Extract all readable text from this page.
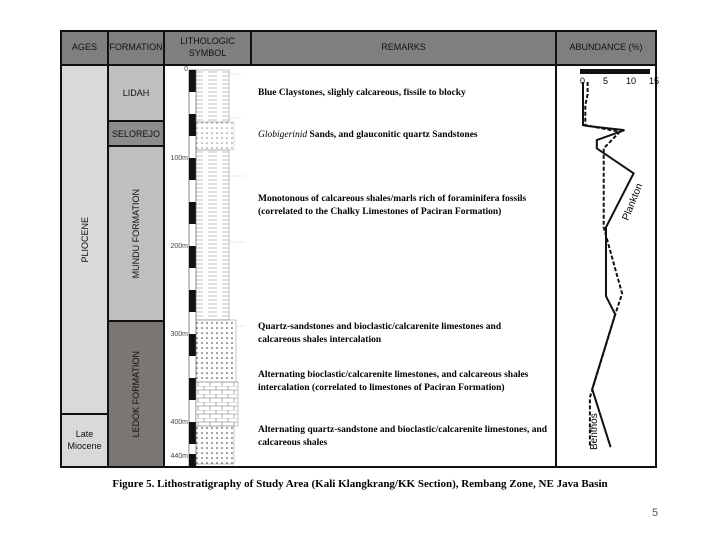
AGES	FORMATION
LITHOLOGIC SYMBOL
REMARKS	ABUNDANCE (%)
PLIOCENE
Late Miocene
LIDAH
SELOREJO
MUNDU FORMATION
LEDOK FORMATION
0
100m
200m
300m
400m
440m
Blue Claystones, slighly calcareous, fissile to blocky
Globigerinid Sands, and glauconitic quartz Sandstones
Monotonous of calcareous shales/marls rich of foraminifera fossils (correlated to the Chalky Limestones of Paciran Formation)
Quartz-sandstones and bioclastic/calcarenite limestones and calcareous shales intercalation
Alternating bioclastic/calcarenite limestones, and calcareous shales intercalation (correlated to limestones of Paciran Formation)
Alternating quartz-sandstone and bioclastic/calcarenite limestones, and calcareous shales
0 5 10 15
Plankton
Benthos
Figure 5. Lithostratigraphy of Study Area (Kali Klangkrang/KK Section), Rembang Zone, NE Java Basin
5
